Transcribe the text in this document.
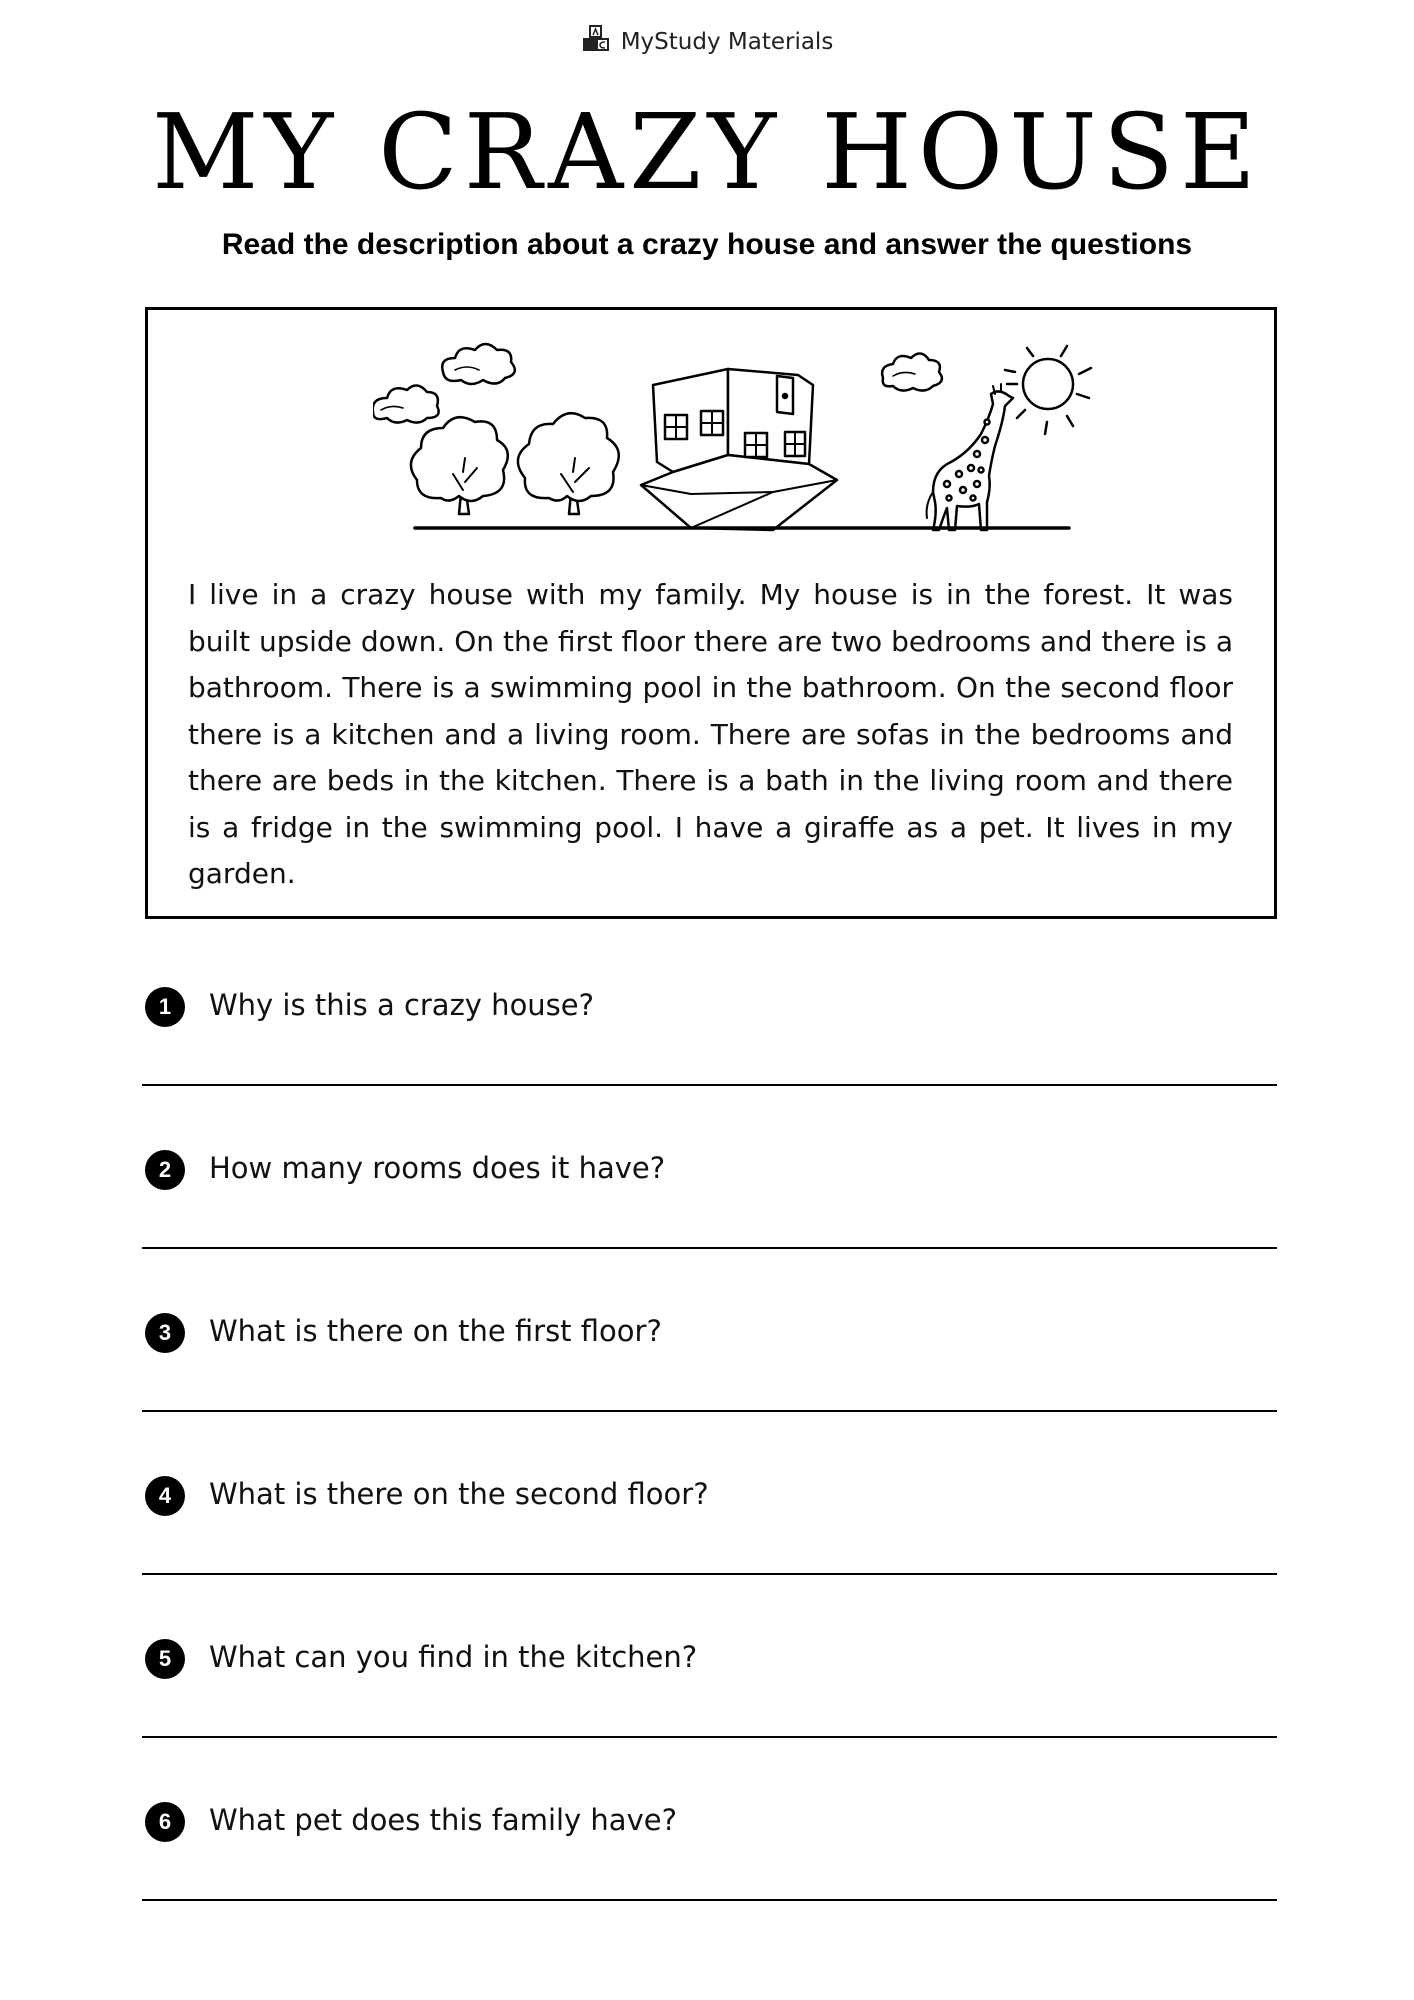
MyStudy Materials
MY CRAZY HOUSE

Read the description about a crazy house and answer the questions

I live in a crazy house with my family. My house is in the forest. It was built upside down. On the first floor there are two bedrooms and there is a bathroom. There is a swimming pool in the bathroom. On the second floor there is a kitchen and a living room. There are sofas in the bedrooms and there are beds in the kitchen. There is a bath in the living room and there is a fridge in the swimming pool. I have a giraffe as a pet. It lives in my garden.

1	Why is this a crazy house?
2	How many rooms does it have?
3	What is there on the first floor?
4	What is there on the second floor?
5	What can you find in the kitchen?
6	What pet does this family have?
